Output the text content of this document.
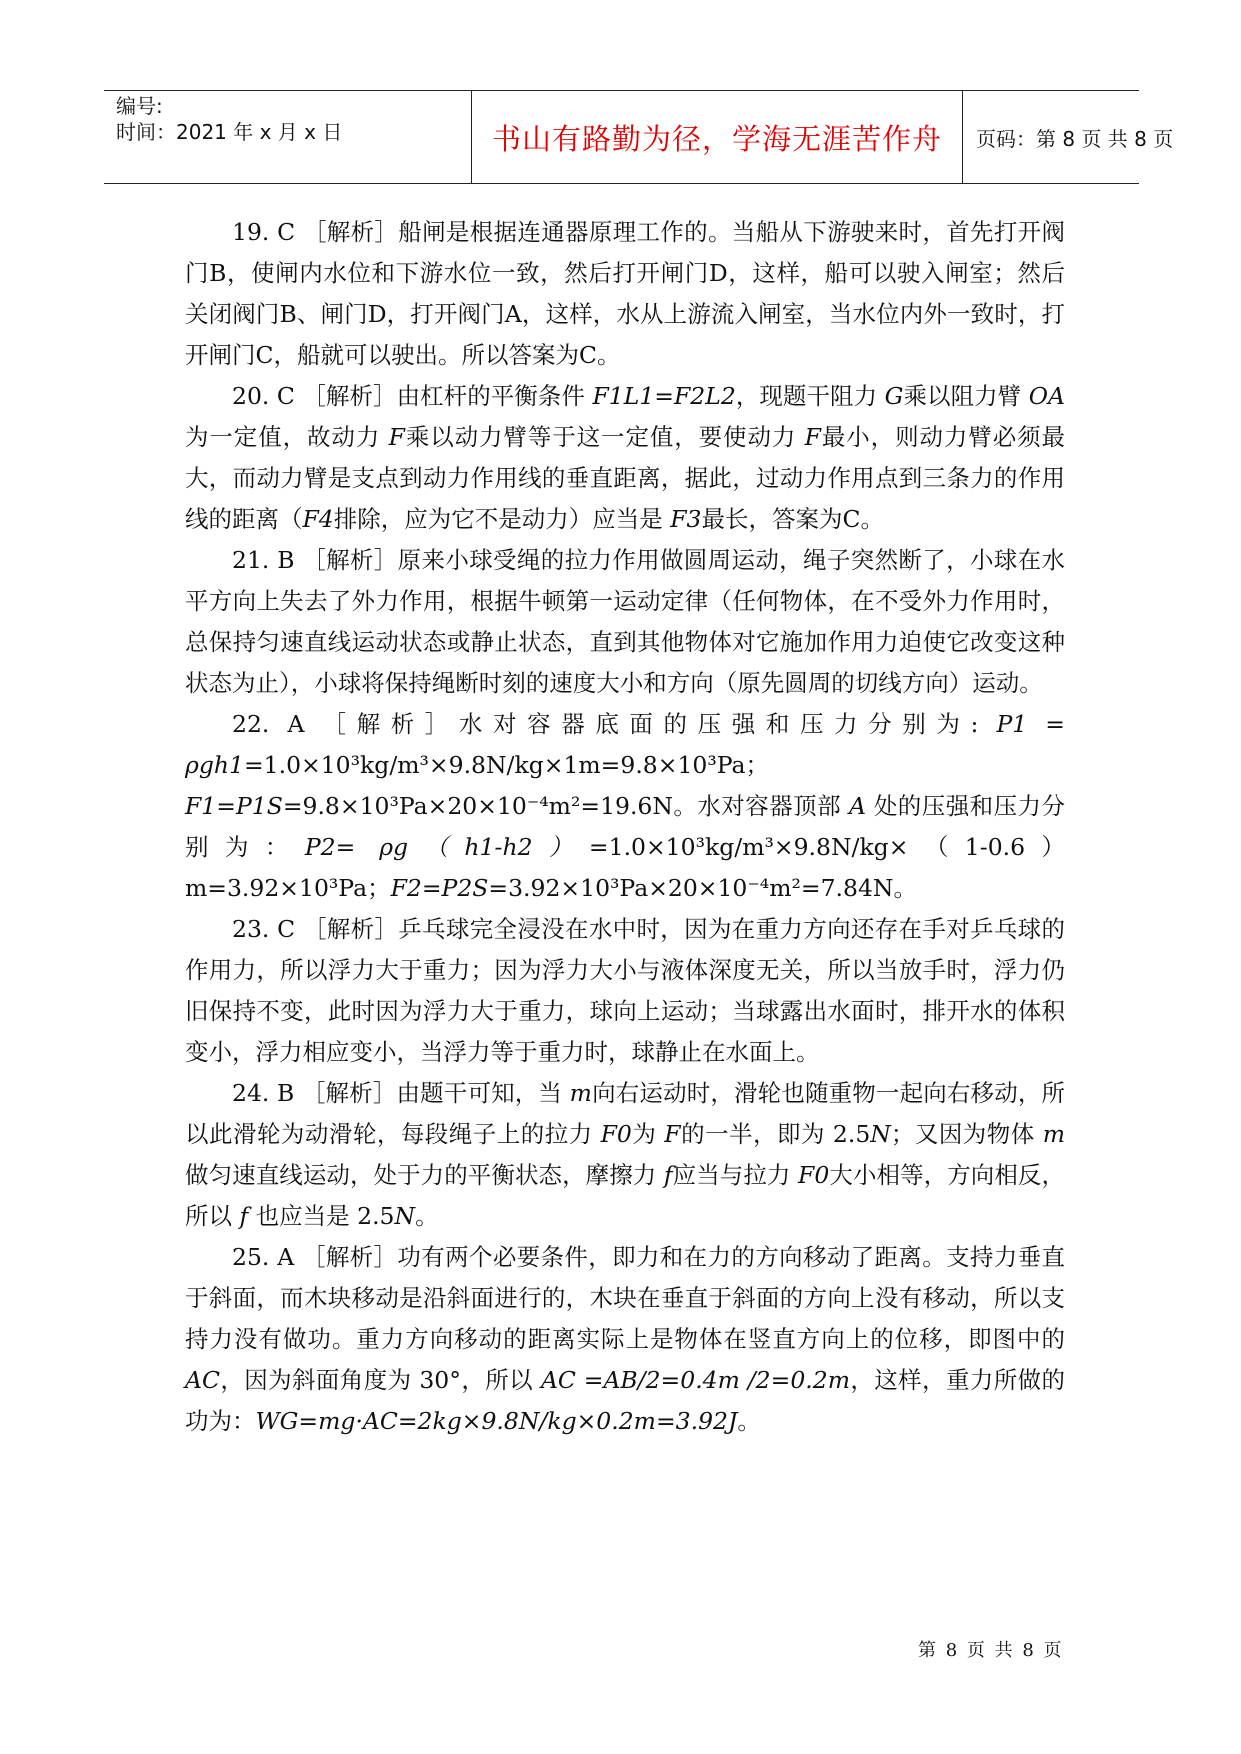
编号:
时间：2021 年 x 月 x 日	书山有路勤为径，学海无涯苦作舟 页码：第 8 页 共 8 页

19. C ［解析］船闸是根据连通器原理工作的。当船从下游驶来时，首先打开阀门B，使闸内水位和下游水位一致，然后打开闸门D，这样，船可以驶入闸室；然后关闭阀门B、闸门D，打开阀门A，这样，水从上游流入闸室，当水位内外一致时，打开闸门C，船就可以驶出。所以答案为C。

20. C ［解析］由杠杆的平衡条件 F1L1=F2L2，现题干阻力 G乘以阻力臂 OA 为一定值，故动力 F乘以动力臂等于这一定值，要使动力 F最小，则动力臂必须最大，而动力臂是支点到动力作用线的垂直距离，据此，过动力作用点到三条力的作用线的距离（F4排除，应为它不是动力）应当是 F3最长，答案为C。

21. B ［解析］原来小球受绳的拉力作用做圆周运动，绳子突然断了，小球在水平方向上失去了外力作用，根据牛顿第一运动定律（任何物体，在不受外力作用时，总保持匀速直线运动状态或静止状态，直到其他物体对它施加作用力迫使它改变这种状态为止），小球将保持绳断时刻的速度大小和方向（原先圆周的切线方向）运动。

22. A ［解析］水对容器底面的压强和压力分别为: P1 = ρgh1=1.0×10³kg/m³×9.8N/kg×1m=9.8×10³Pa；F1=P1S=9.8×10³Pa×20×10⁻⁴m²=19.6N。水对容器顶部 A 处的压强和压力分别为：P2= ρg（h1-h2）=1.0×10³kg/m³×9.8N/kg×（1-0.6）m=3.92×10³Pa；F2=P2S=3.92×10³Pa×20×10⁻⁴m²=7.84N。

23. C ［解析］乒乓球完全浸没在水中时，因为在重力方向还存在手对乒乓球的作用力，所以浮力大于重力；因为浮力大小与液体深度无关，所以当放手时，浮力仍旧保持不变，此时因为浮力大于重力，球向上运动；当球露出水面时，排开水的体积变小，浮力相应变小，当浮力等于重力时，球静止在水面上。

24. B ［解析］由题干可知，当 m向右运动时，滑轮也随重物一起向右移动，所以此滑轮为动滑轮，每段绳子上的拉力 F0为 F的一半，即为 2.5N；又因为物体 m做匀速直线运动，处于力的平衡状态，摩擦力 f应当与拉力 F0大小相等，方向相反，所以 f 也应当是 2.5N。

25. A ［解析］功有两个必要条件，即力和在力的方向移动了距离。支持力垂直于斜面，而木块移动是沿斜面进行的，木块在垂直于斜面的方向上没有移动，所以支持力没有做功。重力方向移动的距离实际上是物体在竖直方向上的位移，即图中的 AC，因为斜面角度为 30°，所以 AC =AB/2=0.4m /2=0.2m，这样，重力所做的功为：WG=mg·AC=2kg×9.8N/kg×0.2m=3.92J。

第 8 页 共 8 页
